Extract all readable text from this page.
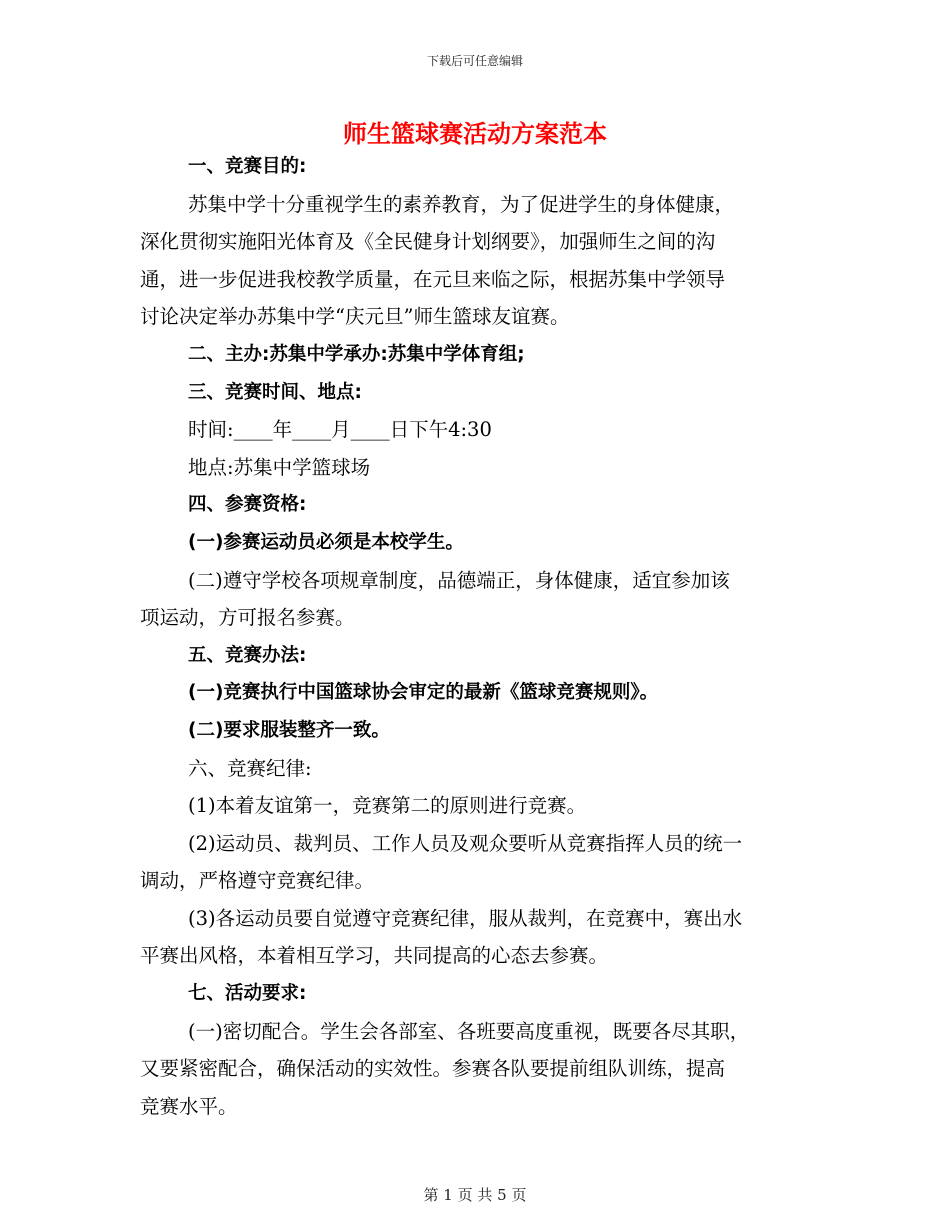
下载后可任意编辑
师生篮球赛活动方案范本
一、竞赛目的:
苏集中学十分重视学生的素养教育，为了促进学生的身体健康，
深化贯彻实施阳光体育及《全民健身计划纲要》，加强师生之间的沟
通，进一步促进我校教学质量，在元旦来临之际，根据苏集中学领导
讨论决定举办苏集中学“庆元旦”师生篮球友谊赛。
二、主办:苏集中学承办:苏集中学体育组;
三、竞赛时间、地点:
时间:____年____月____日下午4:30
地点:苏集中学篮球场
四、参赛资格:
(一)参赛运动员必须是本校学生。
(二)遵守学校各项规章制度，品德端正，身体健康，适宜参加该
项运动，方可报名参赛。
五、竞赛办法:
(一)竞赛执行中国篮球协会审定的最新《篮球竞赛规则》。
(二)要求服装整齐一致。
六、竞赛纪律:
(1)本着友谊第一，竞赛第二的原则进行竞赛。
(2)运动员、裁判员、工作人员及观众要听从竞赛指挥人员的统一
调动，严格遵守竞赛纪律。
(3)各运动员要自觉遵守竞赛纪律，服从裁判，在竞赛中，赛出水
平赛出风格，本着相互学习，共同提高的心态去参赛。
七、活动要求:
(一)密切配合。学生会各部室、各班要高度重视，既要各尽其职，
又要紧密配合，确保活动的实效性。参赛各队要提前组队训练，提高
竞赛水平。
第 1 页 共 5 页
